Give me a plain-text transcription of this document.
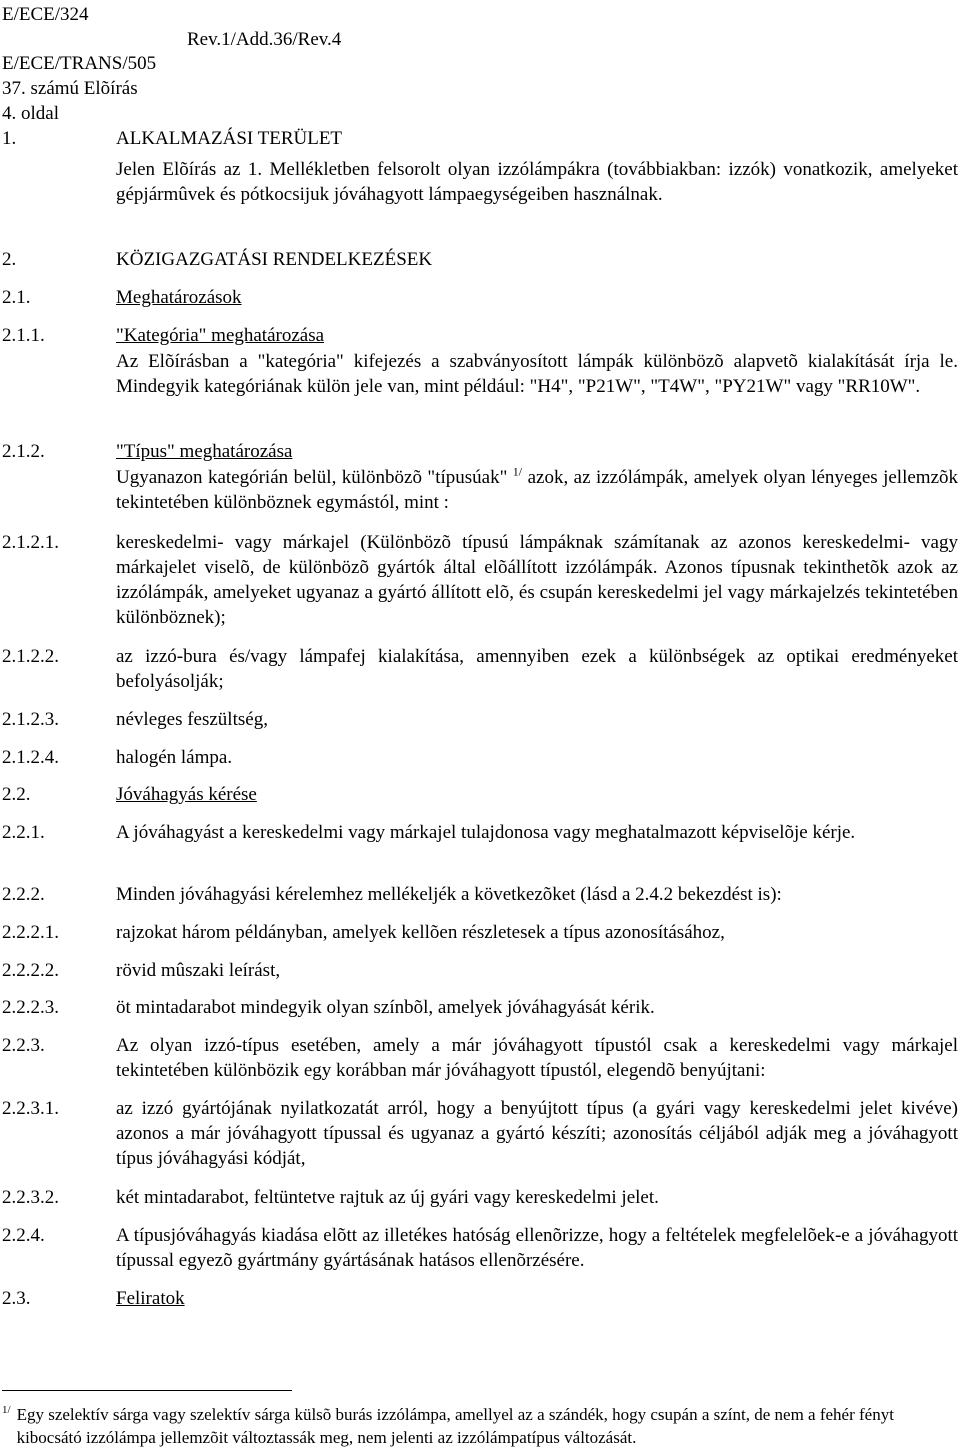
E/ECE/324
Rev.1/Add.36/Rev.4
E/ECE/TRANS/505
37. számú Elõírás
4. oldal
1.	ALKALMAZÁSI TERÜLET
Jelen Elõírás az 1. Mellékletben felsorolt olyan izzólámpákra (továbbiakban: izzók) vonatkozik, amelyeket gépjármûvek és pótkocsijuk jóváhagyott lámpaegységeiben használnak.
2.	KÖZIGAZGATÁSI RENDELKEZÉSEK
2.1.	Meghatározások
2.1.1.	"Kategória" meghatározása
Az Elõírásban a "kategória" kifejezés a szabványosított lámpák különbözõ alapvetõ kialakítását írja le. Mindegyik kategóriának külön jele van, mint például: "H4", "P21W", "T4W", "PY21W" vagy "RR10W".
2.1.2.	"Típus" meghatározása
Ugyanazon kategórián belül, különbözõ "típusúak" $^{1/}$ azok, az izzólámpák, amelyek olyan lényeges jellemzõk tekintetében különböznek egymástól, mint :
2.1.2.1.	kereskedelmi- vagy márkajel (Különbözõ típusú lámpáknak számítanak az azonos kereskedelmi- vagy márkajelet viselõ, de különbözõ gyártók által elõállított izzólámpák. Azonos típusnak tekinthetõk azok az izzólámpák, amelyeket ugyanaz a gyártó állított elõ, és csupán kereskedelmi jel vagy márkajelzés tekintetében különböznek);
2.1.2.2.	az izzó-bura és/vagy lámpafej kialakítása, amennyiben ezek a különbségek az optikai eredményeket befolyásolják;
2.1.2.3.	névleges feszültség,
2.1.2.4.	halogén lámpa.
2.2.	Jóváhagyás kérése
2.2.1.	A jóváhagyást a kereskedelmi vagy márkajel tulajdonosa vagy meghatalmazott képviselõje kérje.
2.2.2.	Minden jóváhagyási kérelemhez mellékeljék a következõket (lásd a 2.4.2 bekezdést is):
2.2.2.1.	rajzokat három példányban, amelyek kellõen részletesek a típus azonosításához,
2.2.2.2.	rövid mûszaki leírást,
2.2.2.3.	öt mintadarabot mindegyik olyan színbõl, amelyek jóváhagyását kérik.
2.2.3.	Az olyan izzó-típus esetében, amely a már jóváhagyott típustól csak a kereskedelmi vagy márkajel tekintetében különbözik egy korábban már jóváhagyott típustól, elegendõ benyújtani:
2.2.3.1.	az izzó gyártójának nyilatkozatát arról, hogy a benyújtott típus (a gyári vagy kereskedelmi jelet kivéve) azonos a már jóváhagyott típussal és ugyanaz a gyártó készíti; azonosítás céljából adják meg a jóváhagyott típus jóváhagyási kódját,
2.2.3.2.	két mintadarabot, feltüntetve rajtuk az új gyári vagy kereskedelmi jelet.
2.2.4.	A típusjóváhagyás kiadása elõtt az illetékes hatóság ellenõrizze, hogy a feltételek megfelelõek-e a jóváhagyott típussal egyezõ gyártmány gyártásának hatásos ellenõrzésére.
2.3.	Feliratok
$^{1/}$ Egy szelektív sárga vagy szelektív sárga külsõ burás izzólámpa, amellyel az a szándék, hogy csupán a színt, de nem a fehér fényt kibocsátó izzólámpa jellemzõit változtassák meg, nem jelenti az izzólámpatípus változását.
